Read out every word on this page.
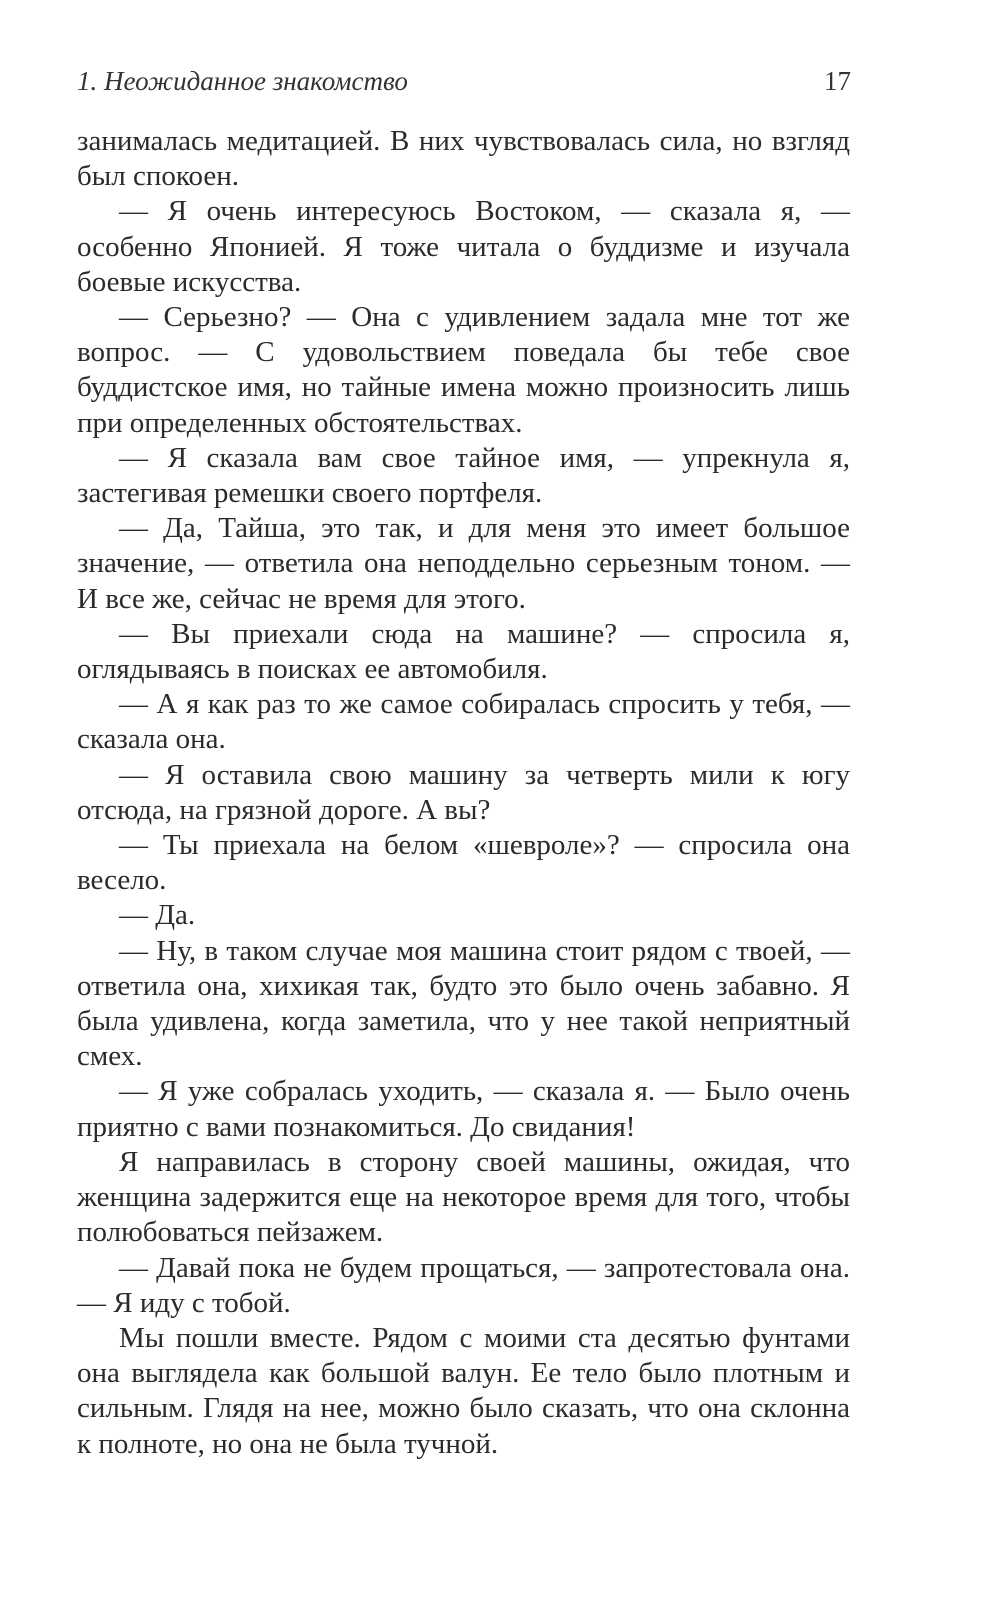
1. Неожиданное знакомство	17

занималась медитацией. В них чувствовалась сила, но взгляд был спокоен.

— Я очень интересуюсь Востоком, — сказала я, — особенно Японией. Я тоже читала о буддизме и изучала боевые искусства.

— Серьезно? — Она с удивлением задала мне тот же вопрос. — С удовольствием поведала бы тебе свое буддистское имя, но тайные имена можно произносить лишь при определенных обстоятельствах.

— Я сказала вам свое тайное имя, — упрекнула я, застегивая ремешки своего портфеля.

— Да, Тайша, это так, и для меня это имеет большое значение, — ответила она неподдельно серьезным тоном. — И все же, сейчас не время для этого.

— Вы приехали сюда на машине? — спросила я, оглядываясь в поисках ее автомобиля.

— А я как раз то же самое собиралась спросить у тебя, — сказала она.

— Я оставила свою машину за четверть мили к югу отсюда, на грязной дороге. А вы?

— Ты приехала на белом «шевроле»? — спросила она весело.

— Да.

— Ну, в таком случае моя машина стоит рядом с твоей, — ответила она, хихикая так, будто это было очень забавно. Я была удивлена, когда заметила, что у нее такой неприятный смех.

— Я уже собралась уходить, — сказала я. — Было очень приятно с вами познакомиться. До свидания!

Я направилась в сторону своей машины, ожидая, что женщина задержится еще на некоторое время для того, чтобы полюбоваться пейзажем.

— Давай пока не будем прощаться, — запротестовала она. — Я иду с тобой.

Мы пошли вместе. Рядом с моими ста десятью фунтами она выглядела как большой валун. Ее тело было плотным и сильным. Глядя на нее, можно было сказать, что она склонна к полноте, но она не была тучной.
